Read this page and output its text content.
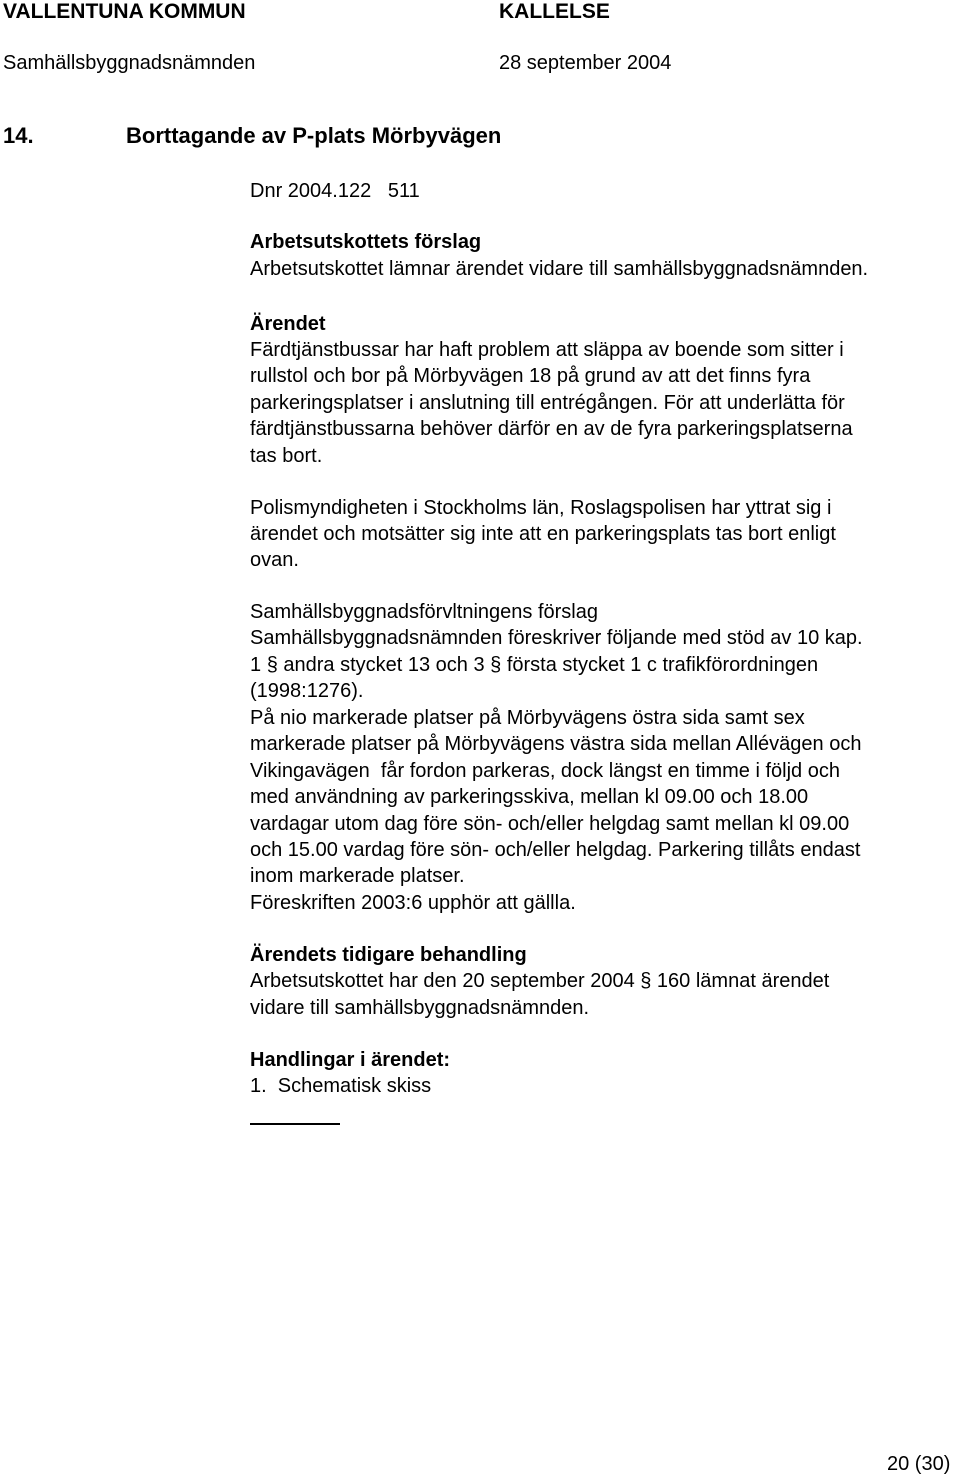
VALLENTUNA KOMMUN	KALLELSE
Samhällsbyggnadsnämnden	28 september 2004
14.	Borttagande av P-plats Mörbyvägen
Dnr 2004.122   511
Arbetsutskottets förslag
Arbetsutskottet lämnar ärendet vidare till samhällsbyggnadsnämnden.
Ärendet
Färdtjänstbussar har haft problem att släppa av boende som sitter i
rullstol och bor på Mörbyvägen 18 på grund av att det finns fyra
parkeringsplatser i anslutning till entrégången. För att underlätta för
färdtjänstbussarna behöver därför en av de fyra parkeringsplatserna
tas bort.
Polismyndigheten i Stockholms län, Roslagspolisen har yttrat sig i
ärendet och motsätter sig inte att en parkeringsplats tas bort enligt
ovan.
Samhällsbyggnadsförvltningens förslag
Samhällsbyggnadsnämnden föreskriver följande med stöd av 10 kap.
1 § andra stycket 13 och 3 § första stycket 1 c trafikförordningen
(1998:1276).
På nio markerade platser på Mörbyvägens östra sida samt sex
markerade platser på Mörbyvägens västra sida mellan Allévägen och
Vikingavägen  får fordon parkeras, dock längst en timme i följd och
med användning av parkeringsskiva, mellan kl 09.00 och 18.00
vardagar utom dag före sön- och/eller helgdag samt mellan kl 09.00
och 15.00 vardag före sön- och/eller helgdag. Parkering tillåts endast
inom markerade platser.
Föreskriften 2003:6 upphör att gällla.
Ärendets tidigare behandling
Arbetsutskottet har den 20 september 2004 § 160 lämnat ärendet
vidare till samhällsbyggnadsnämnden.
Handlingar i ärendet:
1.  Schematisk skiss
20 (30)
